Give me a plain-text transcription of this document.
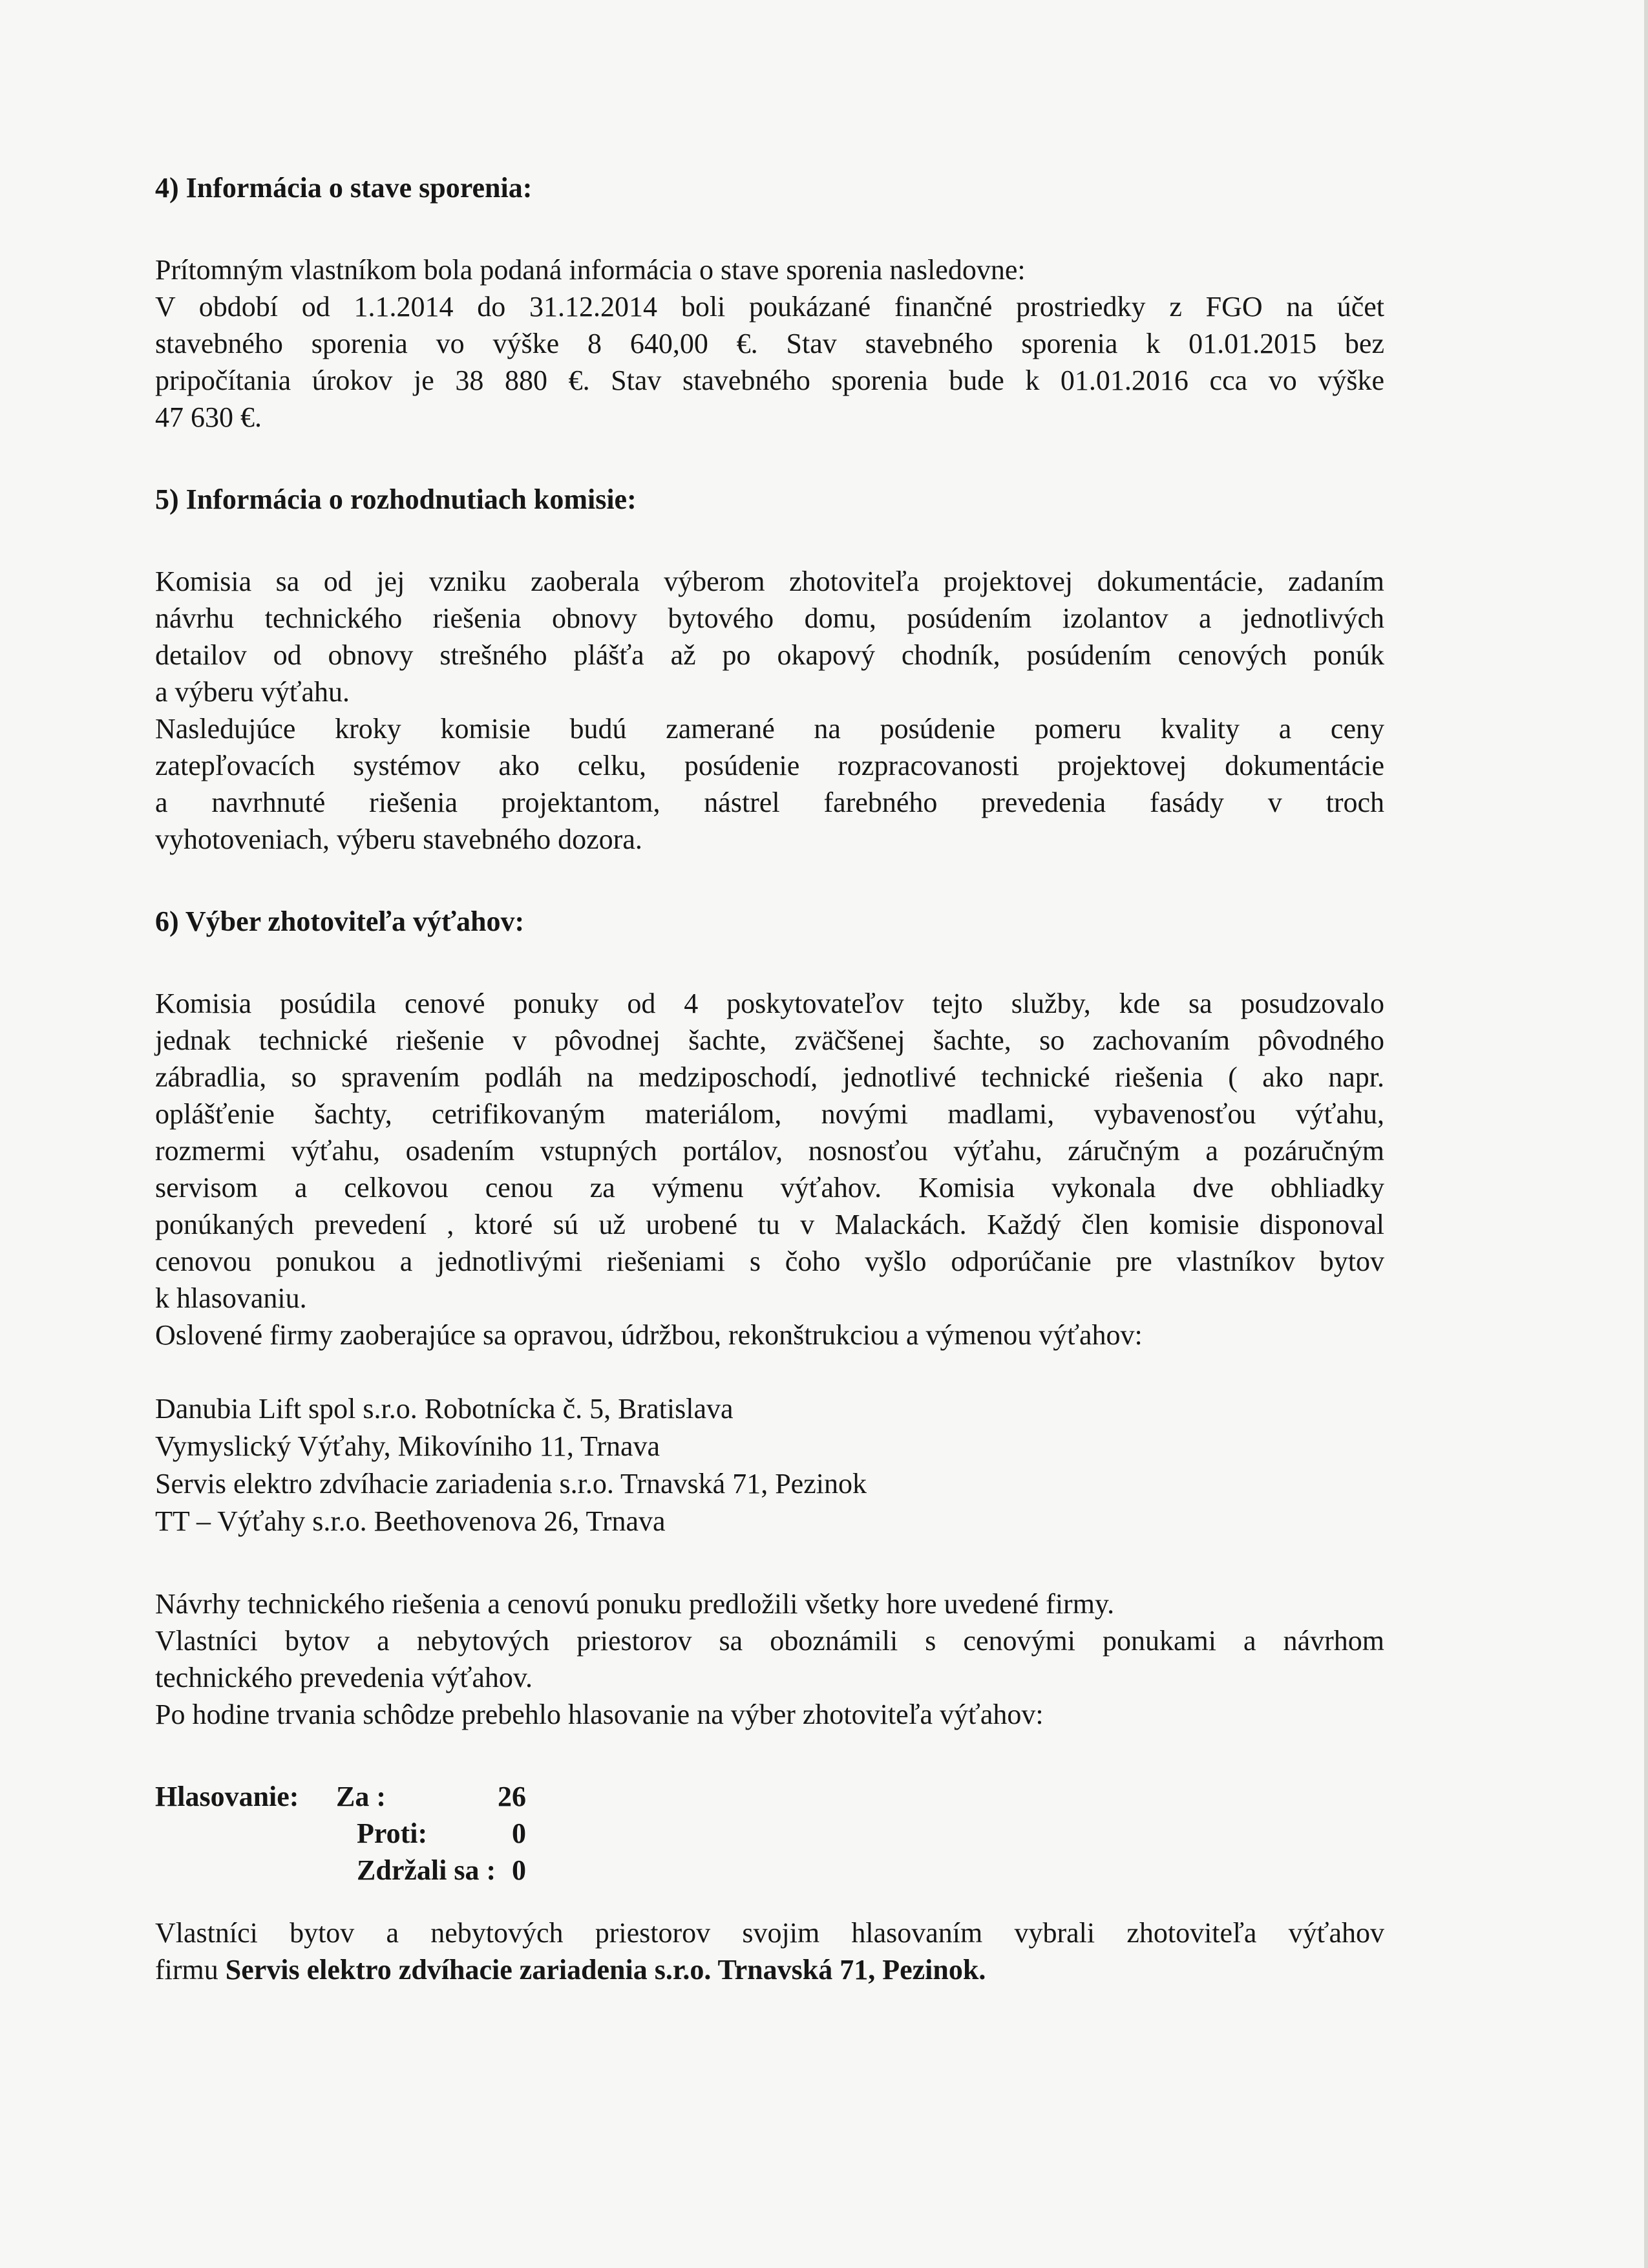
4) Informácia o stave sporenia:

Prítomným vlastníkom bola podaná informácia o stave sporenia nasledovne:

V období od 1.1.2014 do 31.12.2014 boli poukázané finančné prostriedky z FGO na účet

stavebného sporenia vo výške 8 640,00 €. Stav stavebného sporenia k 01.01.2015 bez

pripočítania úrokov je 38 880 €. Stav stavebného sporenia bude k 01.01.2016 cca vo výške

47 630 €.

5) Informácia o rozhodnutiach komisie:

Komisia sa od jej vzniku zaoberala výberom zhotoviteľa projektovej dokumentácie, zadaním

návrhu technického riešenia obnovy bytového domu, posúdením izolantov a jednotlivých

detailov od obnovy strešného plášťa až po okapový chodník, posúdením cenových ponúk

a výberu výťahu.

Nasledujúce kroky komisie budú zamerané na posúdenie pomeru kvality a ceny

zatepľovacích systémov ako celku, posúdenie rozpracovanosti projektovej dokumentácie

a navrhnuté riešenia projektantom, nástrel farebného prevedenia fasády v troch

vyhotoveniach, výberu stavebného dozora.

6) Výber zhotoviteľa výťahov:

Komisia posúdila cenové ponuky od 4 poskytovateľov tejto služby, kde sa posudzovalo

jednak technické riešenie v pôvodnej šachte, zväčšenej šachte, so zachovaním pôvodného

zábradlia, so spravením podláh na medziposchodí, jednotlivé technické riešenia ( ako napr.

oplášťenie šachty, cetrifikovaným materiálom, novými madlami, vybavenosťou výťahu,

rozmermi výťahu, osadením vstupných portálov, nosnosťou výťahu, záručným a pozáručným

servisom a celkovou cenou za výmenu výťahov. Komisia vykonala dve obhliadky

ponúkaných prevedení , ktoré sú už urobené tu v Malackách. Každý člen komisie disponoval

cenovou ponukou a jednotlivými riešeniami s čoho vyšlo odporúčanie pre vlastníkov bytov

k hlasovaniu.

Oslovené firmy zaoberajúce sa opravou, údržbou, rekonštrukciou a výmenou výťahov:

Danubia Lift spol s.r.o. Robotnícka č. 5, Bratislava

Vymyslický Výťahy, Mikovíniho 11, Trnava

Servis elektro zdvíhacie zariadenia s.r.o. Trnavská 71, Pezinok

TT – Výťahy s.r.o. Beethovenova 26, Trnava

Návrhy technického riešenia a cenovú ponuku predložili všetky hore uvedené firmy.

Vlastníci bytov a nebytových priestorov sa oboznámili s cenovými ponukami a návrhom

technického prevedenia výťahov.

Po hodine trvania schôdze prebehlo hlasovanie na výber zhotoviteľa výťahov:

Hlasovanie:	Za :	26
Proti:	0
Zdržali sa : 0

Vlastníci bytov a nebytových priestorov svojim hlasovaním vybrali zhotoviteľa výťahov

firmu Servis elektro zdvíhacie zariadenia s.r.o. Trnavská 71, Pezinok.
